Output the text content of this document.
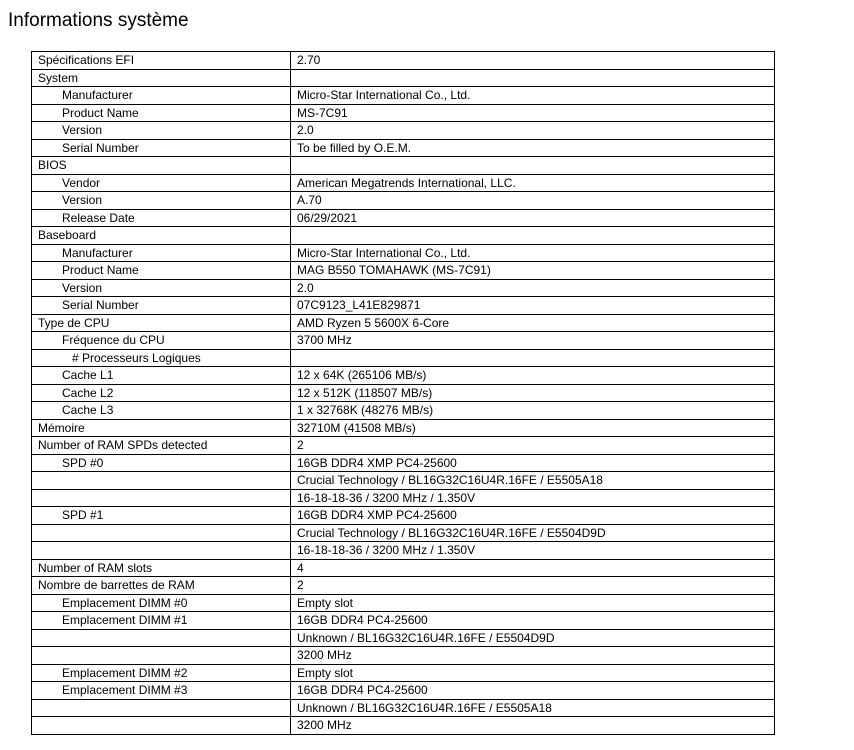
Informations système
Spécifications EFI	2.70
System	
Manufacturer	Micro-Star International Co., Ltd.
Product Name	MS-7C91
Version	2.0
Serial Number	To be filled by O.E.M.
BIOS	
Vendor	American Megatrends International, LLC.
Version	A.70
Release Date	06/29/2021
Baseboard	
Manufacturer	Micro-Star International Co., Ltd.
Product Name	MAG B550 TOMAHAWK (MS-7C91)
Version	2.0
Serial Number	07C9123_L41E829871
Type de CPU	AMD Ryzen 5 5600X 6-Core
Fréquence du CPU	3700 MHz
# Processeurs Logiques	
Cache L1	12 x 64K (265106 MB/s)
Cache L2	12 x 512K (118507 MB/s)
Cache L3	1 x 32768K (48276 MB/s)
Mémoire	32710M (41508 MB/s)
Number of RAM SPDs detected	2
SPD #0	16GB DDR4 XMP PC4-25600
	Crucial Technology / BL16G32C16U4R.16FE / E5505A18
	16-18-18-36 / 3200 MHz / 1.350V
SPD #1	16GB DDR4 XMP PC4-25600
	Crucial Technology / BL16G32C16U4R.16FE / E5504D9D
	16-18-18-36 / 3200 MHz / 1.350V
Number of RAM slots	4
Nombre de barrettes de RAM	2
Emplacement DIMM #0	Empty slot
Emplacement DIMM #1	16GB DDR4 PC4-25600
	Unknown / BL16G32C16U4R.16FE / E5504D9D
	3200 MHz
Emplacement DIMM #2	Empty slot
Emplacement DIMM #3	16GB DDR4 PC4-25600
	Unknown / BL16G32C16U4R.16FE / E5505A18
	3200 MHz
